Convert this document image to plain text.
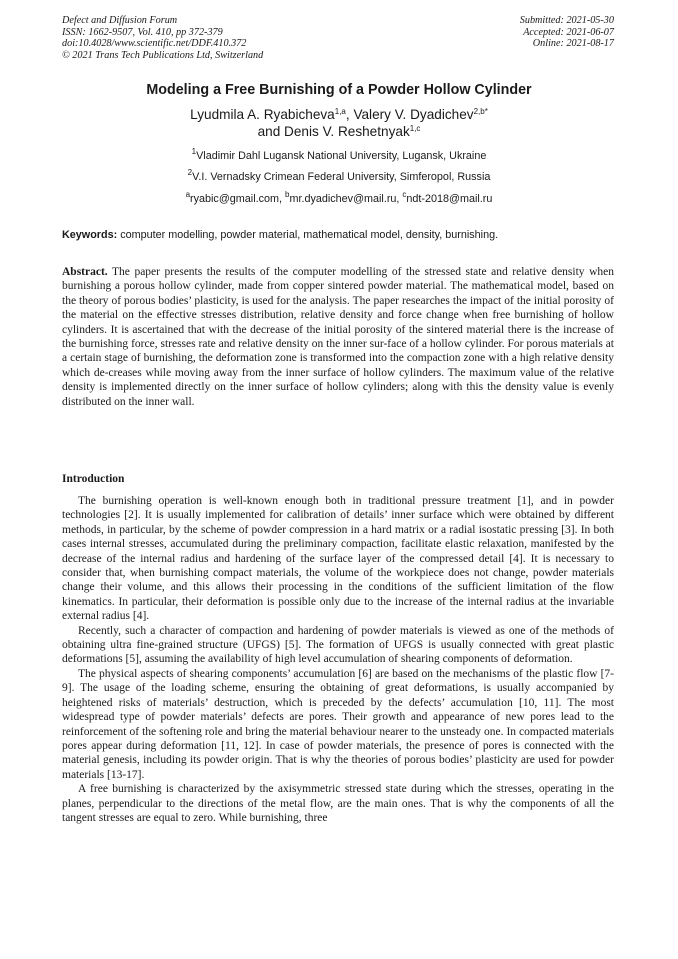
Defect and Diffusion Forum
ISSN: 1662-9507, Vol. 410, pp 372-379
doi:10.4028/www.scientific.net/DDF.410.372
© 2021 Trans Tech Publications Ltd, Switzerland
Submitted: 2021-05-30
Accepted: 2021-06-07
Online: 2021-08-17
Modeling a Free Burnishing of a Powder Hollow Cylinder
Lyudmila A. Ryabicheva$^{1,a}$, Valery V. Dyadichev$^{2,b*}$
and Denis V. Reshetnyak$^{1,c}$
$^1$Vladimir Dahl Lugansk National University, Lugansk, Ukraine
$^2$V.I. Vernadsky Crimean Federal University, Simferopol, Russia
$^a$ryabic@gmail.com, $^b$mr.dyadichev@mail.ru, $^c$ndt-2018@mail.ru
Keywords: computer modelling, powder material, mathematical model, density, burnishing.
Abstract. The paper presents the results of the computer modelling of the stressed state and relative density when burnishing a porous hollow cylinder, made from copper sintered powder material. The mathematical model, based on the theory of porous bodies’ plasticity, is used for the analysis. The paper researches the impact of the initial porosity of the material on the effective stresses distribution, relative density and force change when free burnishing of hollow cylinders. It is ascertained that with the decrease of the initial porosity of the sintered material there is the increase of the burnishing force, stresses rate and relative density on the inner sur-face of a hollow cylinder. For porous materials at a certain stage of burnishing, the deformation zone is transformed into the compaction zone with a high relative density which de-creases while moving away from the inner surface of hollow cylinders. The maximum value of the relative density is implemented directly on the inner surface of hollow cylinders; along with this the density value is evenly distributed on the inner wall.
Introduction

The burnishing operation is well-known enough both in traditional pressure treatment [1], and in powder technologies [2]. It is usually implemented for calibration of details’ inner surface which were obtained by different methods, in particular, by the scheme of powder compression in a hard matrix or a radial isostatic pressing [3]. In both cases internal stresses, accumulated during the preliminary compaction, facilitate elastic relaxation, manifested by the decrease of the internal radius and hardening of the surface layer of the compressed detail [4]. It is necessary to consider that, when burnishing compact materials, the volume of the workpiece does not change, powder materials change their volume, and this allows their processing in the conditions of the sufficient limitation of the flow kinematics. In particular, their deformation is possible only due to the increase of the internal radius at the invariable external radius [4].

Recently, such a character of compaction and hardening of powder materials is viewed as one of the methods of obtaining ultra fine-grained structure (UFGS) [5]. The formation of UFGS is usually connected with great plastic deformations [5], assuming the availability of high level accumulation of shearing components of deformation.

The physical aspects of shearing components’ accumulation [6] are based on the mechanisms of the plastic flow [7-9]. The usage of the loading scheme, ensuring the obtaining of great deformations, is usually accompanied by heightened risks of materials’ destruction, which is preceded by the defects’ accumulation [10, 11]. The most widespread type of powder materials’ defects are pores. Their growth and appearance of new pores lead to the reinforcement of the softening role and bring the material behaviour nearer to the unsteady one. In compacted materials pores appear during deformation [11, 12]. In case of powder materials, the presence of pores is connected with the material genesis, including its powder origin. That is why the theories of porous bodies’ plasticity are used for powder materials [13-17].

A free burnishing is characterized by the axisymmetric stressed state during which the stresses, operating in the planes, perpendicular to the directions of the metal flow, are the main ones. That is why the components of all the tangent stresses are equal to zero. While burnishing, three
